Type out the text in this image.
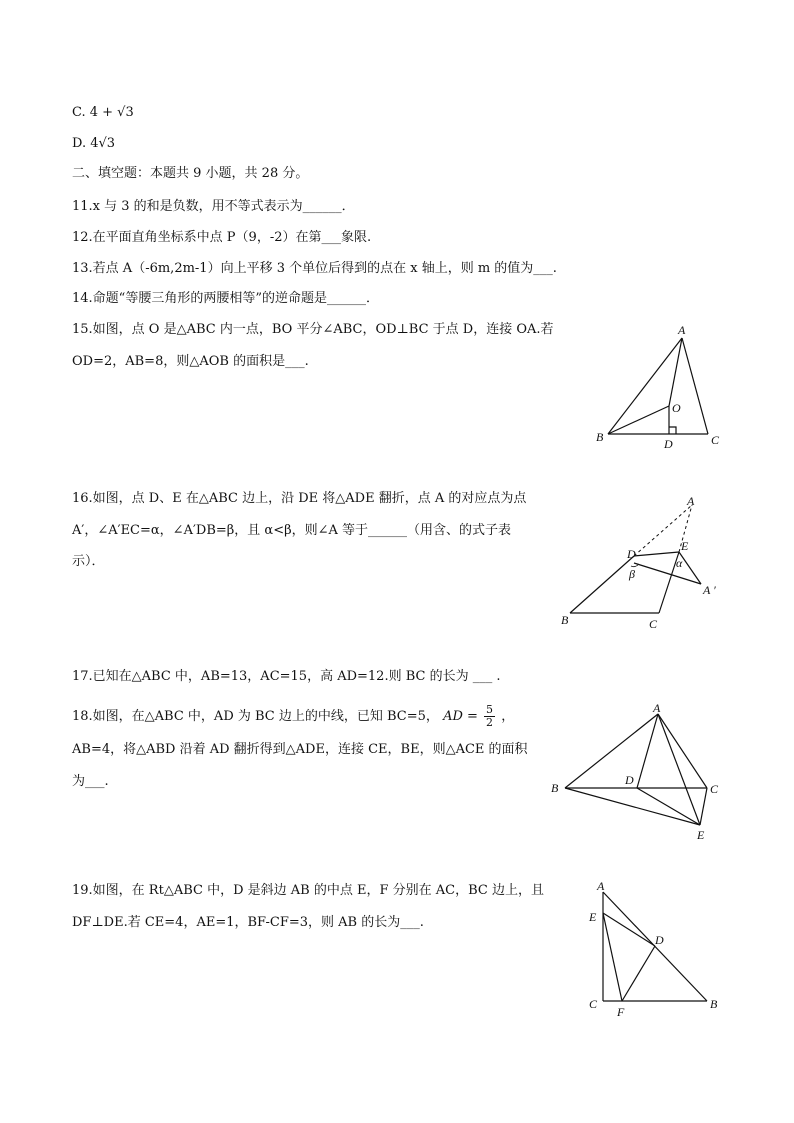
C. 4 + √3
D. 4√3
二、填空题：本题共 9 小题，共 28 分。
11.x 与 3 的和是负数，用不等式表示为______．
12.在平面直角坐标系中点 P（9，-2）在第___象限.
13.若点 A（-6m,2m-1）向上平移 3 个单位后得到的点在 x 轴上，则 m 的值为___.
14.命题“等腰三角形的两腰相等”的逆命题是______．
15.如图，点 O 是△ABC 内一点，BO 平分∠ABC，OD⊥BC 于点 D，连接 OA.若
OD=2，AB=8，则△AOB 的面积是___.
16.如图，点 D、E 在△ABC 边上，沿 DE 将△ADE 翻折，点 A 的对应点为点
A′，∠A′EC=α，∠A′DB=β，且 α<β，则∠A 等于______（用含、的式子表
示）．
17.已知在△ABC 中，AB=13，AC=15，高 AD=12.则 BC 的长为 ___ .
18.如图，在△ABC 中，AD 为 BC 边上的中线，已知 BC=5， AD = $\frac{5}{2}$ ，
AB=4，将△ABD 沿着 AD 翻折得到△ADE，连接 CE，BE，则△ACE 的面积
为___.
19.如图，在 Rt△ABC 中，D 是斜边 AB 的中点 E，F 分别在 AC，BC 边上，且
DF⊥DE.若 CE=4，AE=1，BF-CF=3，则 AB 的长为___.
A
B	C
D
O
A
D
E
α
β
A ′
B	C
A
B	C
D
E
A
E
D
C
F
B
